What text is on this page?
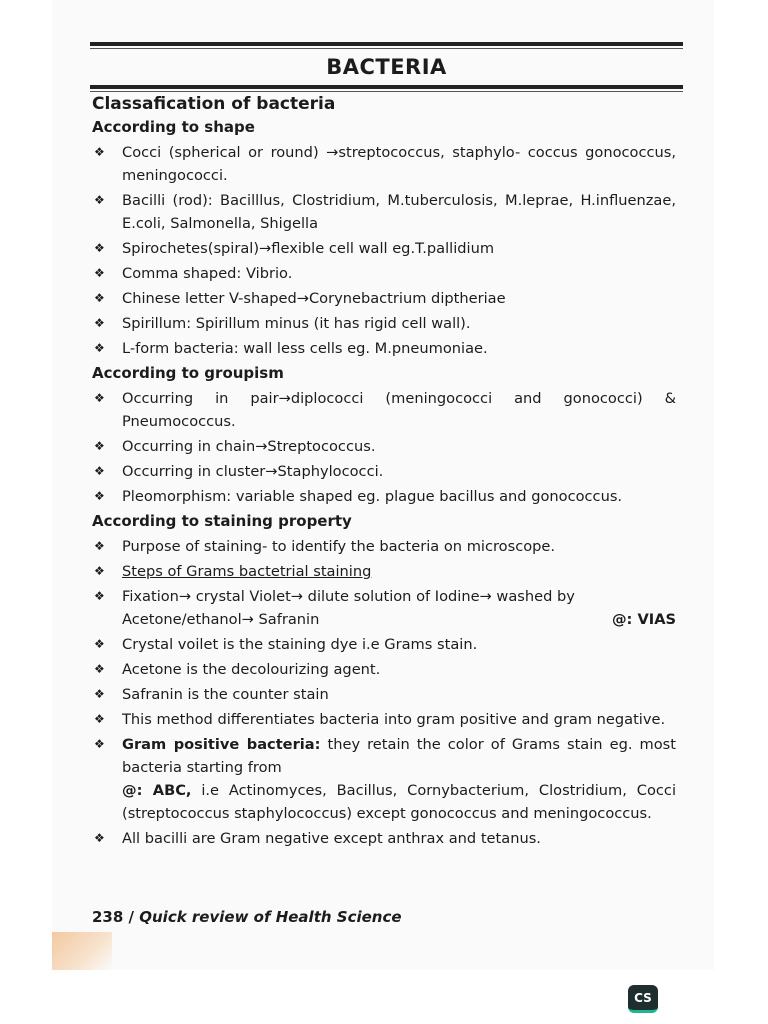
BACTERIA

Classafication of bacteria

According to shape

❖ Cocci (spherical or round) →streptococcus, staphylo- coccus gonococcus, meningococci.
❖ Bacilli (rod): Bacilllus, Clostridium, M.tuberculosis, M.leprae, H.influenzae, E.coli, Salmonella, Shigella
❖ Spirochetes(spiral)→flexible cell wall eg.T.pallidium
❖ Comma shaped: Vibrio.
❖ Chinese letter V-shaped→Corynebactrium diptheriae
❖ Spirillum: Spirillum minus (it has rigid cell wall).
❖ L-form bacteria: wall less cells eg. M.pneumoniae.

According to groupism

❖ Occurring in pair→diplococci (meningococci and gonococci) & Pneumococcus.
❖ Occurring in chain→Streptococcus.
❖ Occurring in cluster→Staphylococci.
❖ Pleomorphism: variable shaped eg. plague bacillus and gonococcus.

According to staining property

❖ Purpose of staining- to identify the bacteria on microscope.
❖ Steps of Grams bactetrial staining
❖ Fixation→ crystal Violet→ dilute solution of Iodine→ washed by
Acetone/ethanol→ Safranin	@: VIAS
❖ Crystal voilet is the staining dye i.e Grams stain.
❖ Acetone is the decolourizing agent.
❖ Safranin is the counter stain
❖ This method differentiates bacteria into gram positive and gram negative.
❖ Gram positive bacteria: they retain the color of Grams stain eg. most bacteria starting from
@: ABC, i.e Actinomyces, Bacillus, Cornybacterium, Clostridium, Cocci (streptococcus staphylococcus) except gonococcus and meningococcus.
❖ All bacilli are Gram negative except anthrax and tetanus.
238 / Quick review of Health Science
CS
